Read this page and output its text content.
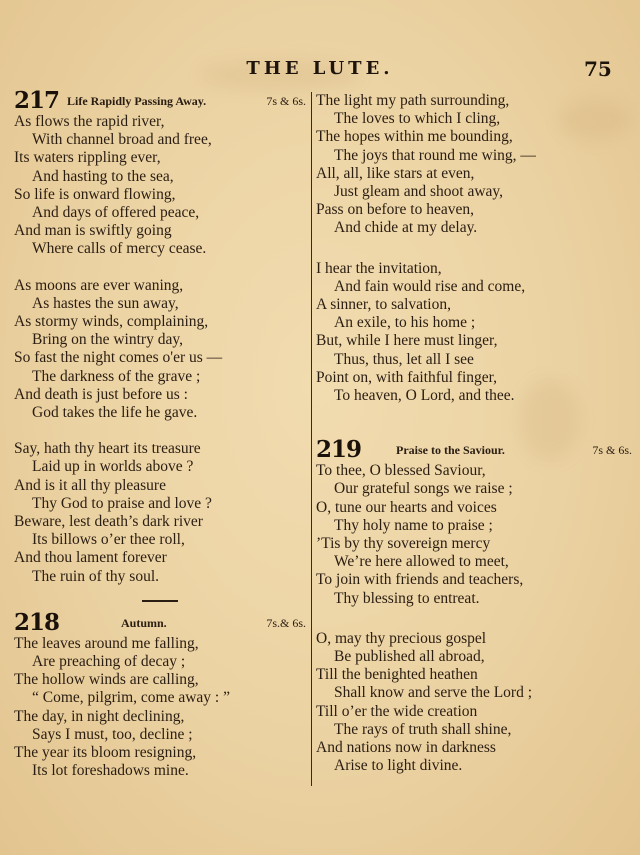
THE LUTE.	75
217 Life Rapidly Passing Away.	7s & 6s.
As flows the rapid river,
With channel broad and free,
Its waters rippling ever,
And hasting to the sea,
So life is onward flowing,
And days of offered peace,
And man is swiftly going
Where calls of mercy cease.
As moons are ever waning,
As hastes the sun away,
As stormy winds, complaining,
Bring on the wintry day,
So fast the night comes o'er us —
The darkness of the grave ;
And death is just before us :
God takes the life he gave.
Say, hath thy heart its treasure
Laid up in worlds above ?
And is it all thy pleasure
Thy God to praise and love ?
Beware, lest death’s dark river
Its billows o’er thee roll,
And thou lament forever
The ruin of thy soul.
218	Autumn.	7s.& 6s.
The leaves around me falling,
Are preaching of decay ;
The hollow winds are calling,
“ Come, pilgrim, come away : ”
The day, in night declining,
Says I must, too, decline ;
The year its bloom resigning,
Its lot foreshadows mine.
The light my path surrounding,
The loves to which I cling,
The hopes within me bounding,
The joys that round me wing, —
All, all, like stars at even,
Just gleam and shoot away,
Pass on before to heaven,
And chide at my delay.
I hear the invitation,
And fain would rise and come,
A sinner, to salvation,
An exile, to his home ;
But, while I here must linger,
Thus, thus, let all I see
Point on, with faithful finger,
To heaven, O Lord, and thee.
219	Praise to the Saviour.	7s & 6s.
To thee, O blessed Saviour,
Our grateful songs we raise ;
O, tune our hearts and voices
Thy holy name to praise ;
’Tis by thy sovereign mercy
We’re here allowed to meet,
To join with friends and teachers,
Thy blessing to entreat.
O, may thy precious gospel
Be published all abroad,
Till the benighted heathen
Shall know and serve the Lord ;
Till o’er the wide creation
The rays of truth shall shine,
And nations now in darkness
Arise to light divine.
